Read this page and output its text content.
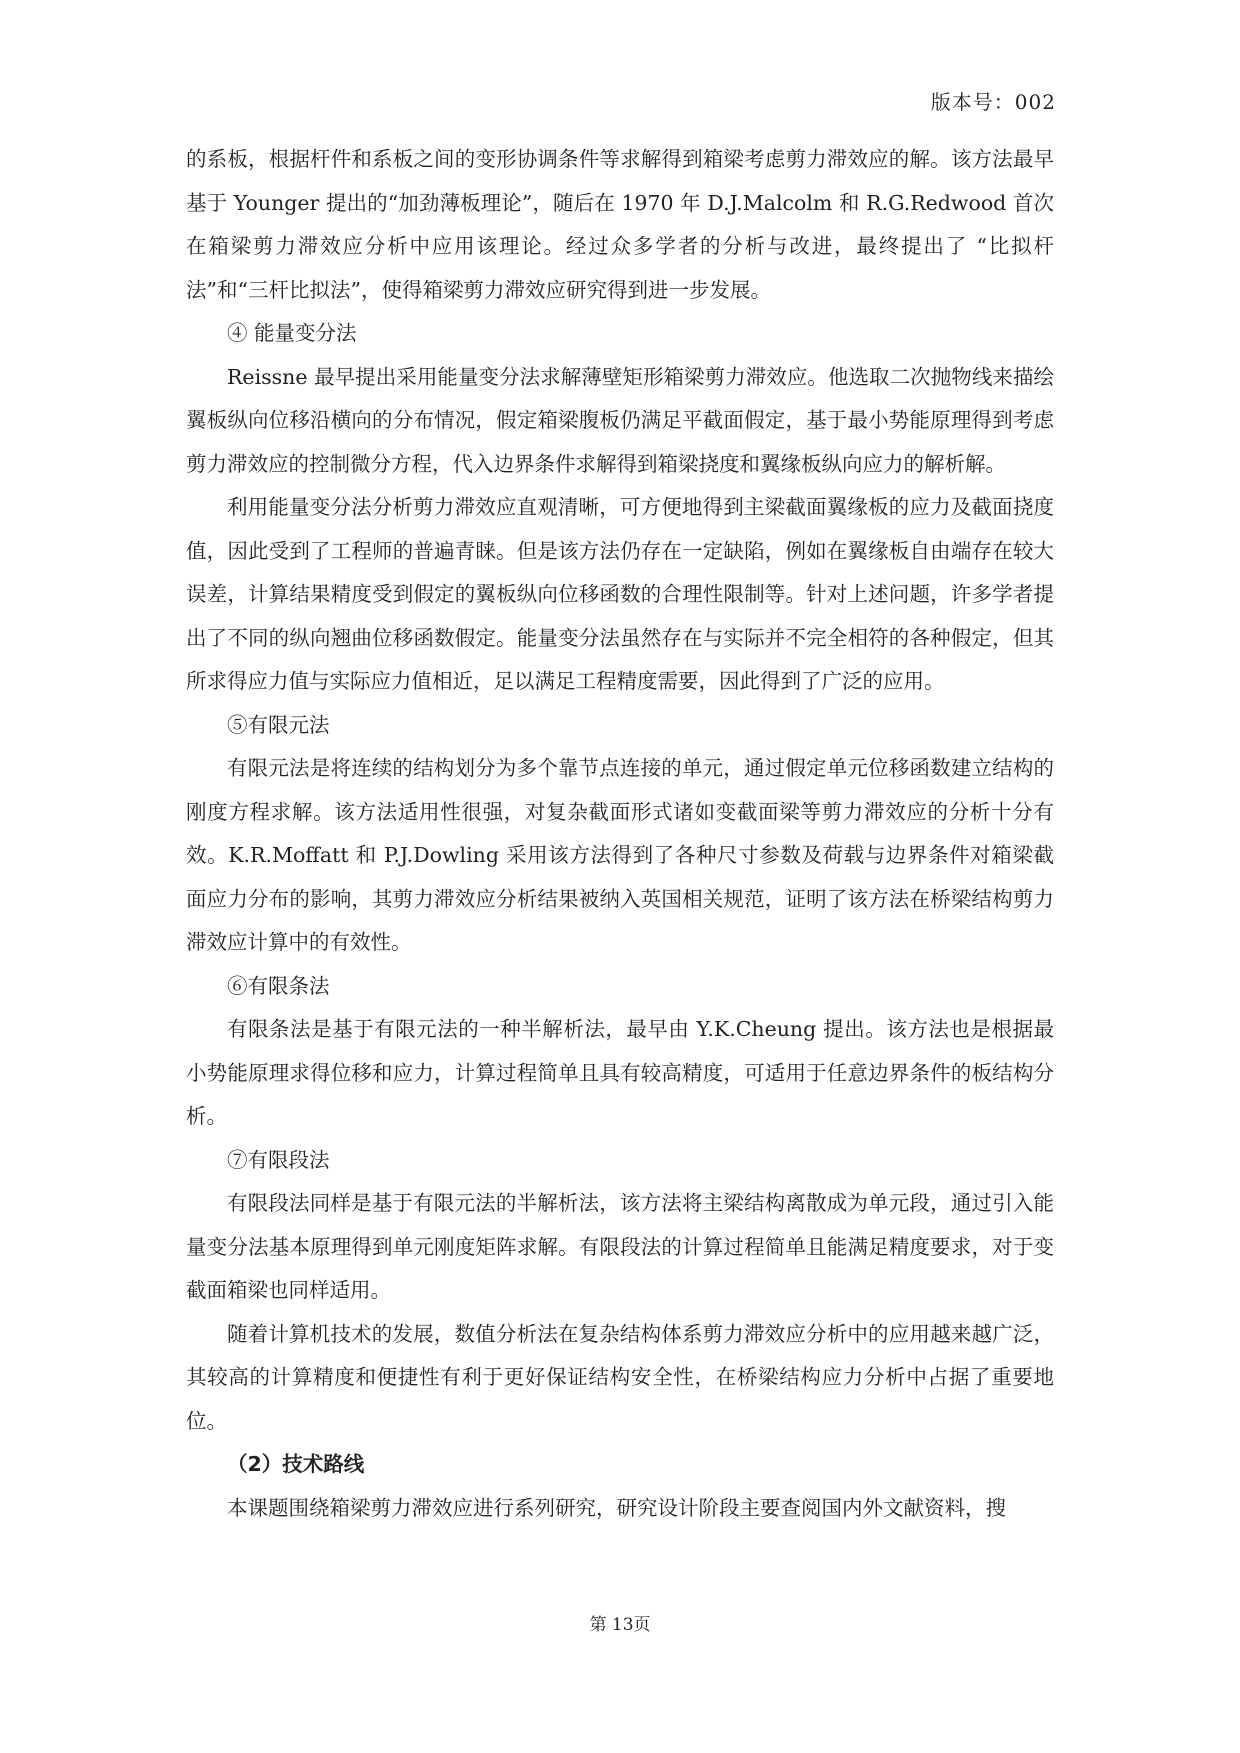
版本号：002

的系板，根据杆件和系板之间的变形协调条件等求解得到箱梁考虑剪力滞效应的解。该方法最早基于 Younger 提出的“加劲薄板理论”，随后在 1970 年 D.J.Malcolm 和 R.G.Redwood 首次在箱梁剪力滞效应分析中应用该理论。经过众多学者的分析与改进，最终提出了 “比拟杆法”和“三杆比拟法”，使得箱梁剪力滞效应研究得到进一步发展。

④ 能量变分法

Reissne 最早提出采用能量变分法求解薄壁矩形箱梁剪力滞效应。他选取二次抛物线来描绘翼板纵向位移沿横向的分布情况，假定箱梁腹板仍满足平截面假定，基于最小势能原理得到考虑剪力滞效应的控制微分方程，代入边界条件求解得到箱梁挠度和翼缘板纵向应力的解析解。

利用能量变分法分析剪力滞效应直观清晰，可方便地得到主梁截面翼缘板的应力及截面挠度值，因此受到了工程师的普遍青睐。但是该方法仍存在一定缺陷，例如在翼缘板自由端存在较大误差，计算结果精度受到假定的翼板纵向位移函数的合理性限制等。针对上述问题，许多学者提出了不同的纵向翘曲位移函数假定。能量变分法虽然存在与实际并不完全相符的各种假定，但其所求得应力值与实际应力值相近，足以满足工程精度需要，因此得到了广泛的应用。

⑤有限元法

有限元法是将连续的结构划分为多个靠节点连接的单元，通过假定单元位移函数建立结构的刚度方程求解。该方法适用性很强，对复杂截面形式诸如变截面梁等剪力滞效应的分析十分有效。K.R.Moffatt 和 P.J.Dowling 采用该方法得到了各种尺寸参数及荷载与边界条件对箱梁截面应力分布的影响，其剪力滞效应分析结果被纳入英国相关规范，证明了该方法在桥梁结构剪力滞效应计算中的有效性。

⑥有限条法

有限条法是基于有限元法的一种半解析法，最早由 Y.K.Cheung 提出。该方法也是根据最小势能原理求得位移和应力，计算过程简单且具有较高精度，可适用于任意边界条件的板结构分析。

⑦有限段法

有限段法同样是基于有限元法的半解析法，该方法将主梁结构离散成为单元段，通过引入能量变分法基本原理得到单元刚度矩阵求解。有限段法的计算过程简单且能满足精度要求，对于变截面箱梁也同样适用。

随着计算机技术的发展，数值分析法在复杂结构体系剪力滞效应分析中的应用越来越广泛，其较高的计算精度和便捷性有利于更好保证结构安全性，在桥梁结构应力分析中占据了重要地位。

（2）技术路线

本课题围绕箱梁剪力滞效应进行系列研究，研究设计阶段主要查阅国内外文献资料，搜

第 13页
